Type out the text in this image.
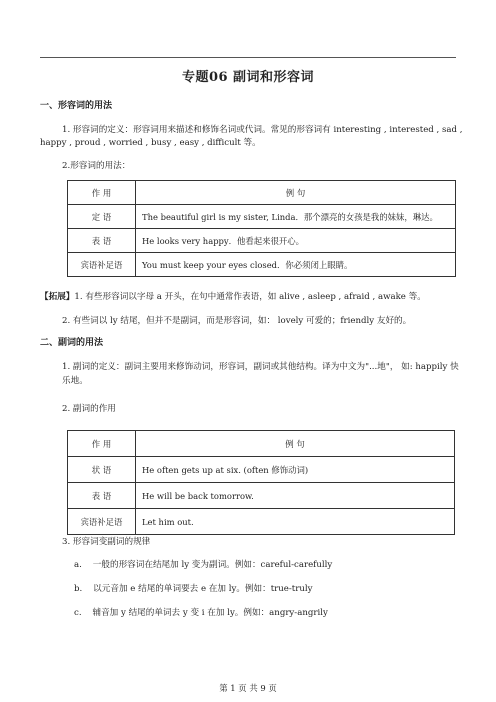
专题06 副词和形容词
一、形容词的用法
1. 形容词的定义：形容词用来描述和修饰名词或代词。常见的形容词有 interesting , interested , sad ,
happy , proud , worried , busy , easy , difficult 等。
2.形容词的用法：
作 用	例 句
定 语	The beautiful girl is my sister, Linda．那个漂亮的女孩是我的妹妹，琳达。
表 语	He looks very happy．他看起来很开心。
宾语补足语	You must keep your eyes closed．你必须闭上眼睛。
【拓展】1. 有些形容词以字母 a 开头，在句中通常作表语，如 alive , asleep , afraid , awake 等。
2. 有些词以 ly 结尾，但并不是副词，而是形容词，如： lovely 可爱的；friendly 友好的。
二、副词的用法
1. 副词的定义：副词主要用来修饰动词，形容词，副词或其他结构。译为中文为"...地"， 如: happily 快
乐地。
2. 副词的作用
作 用	例 句
状 语	He often gets up at six. (often 修饰动词)
表 语	He will be back tomorrow.
宾语补足语	Let him out.
3. 形容词变副词的规律
a. 一般的形容词在结尾加 ly 变为副词。例如：careful-carefully
b. 以元音加 e 结尾的单词要去 e 在加 ly。例如：true-truly
c. 辅音加 y 结尾的单词去 y 变 i 在加 ly。例如：angry-angrily
第 1 页 共 9 页
